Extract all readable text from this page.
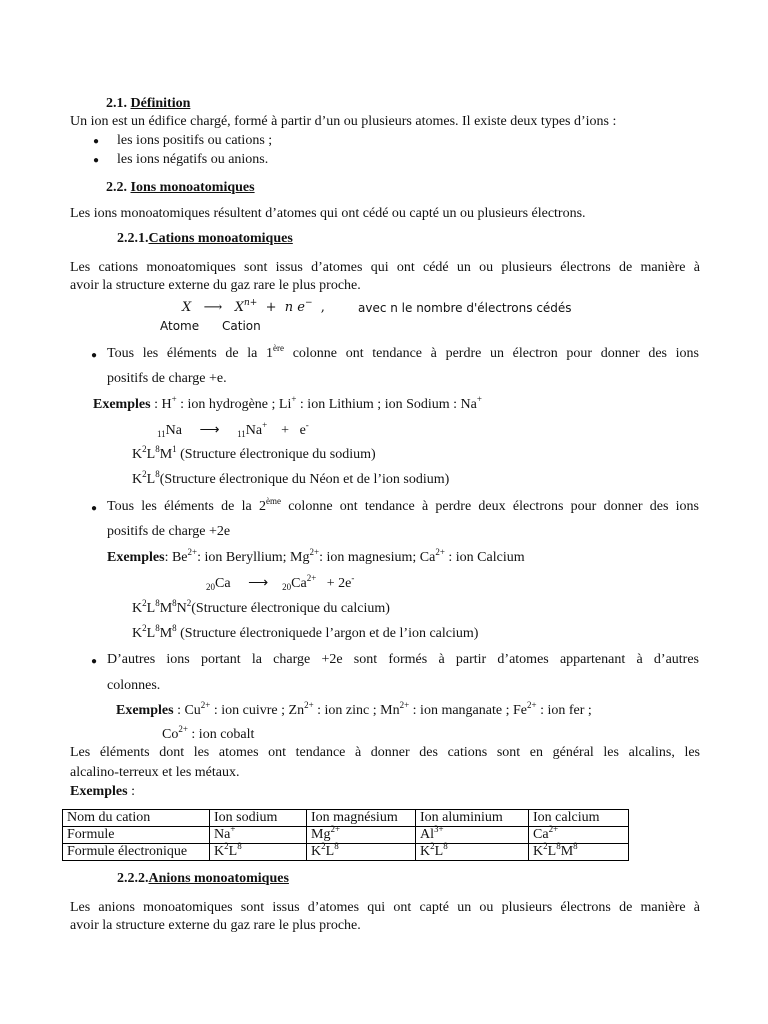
2.1. Définition
Un ion est un édifice chargé, formé à partir d’un ou plusieurs atomes. Il existe deux types d’ions :
● les ions positifs ou cations ;
● les ions négatifs ou anions.
2.2. Ions monoatomiques
Les ions monoatomiques résultent d’atomes qui ont cédé ou capté un ou plusieurs électrons.
2.2.1.Cations monoatomiques
Les cations monoatomiques sont issus d’atomes qui ont cédé un ou plusieurs électrons de manière à
avoir la structure externe du gaz rare le plus proche.
X ⟶ $X^{n+} + n$ e− ,	avec n le nombre d'électrons cédés
Atome Cation
● Tous les éléments de la 1ère colonne ont tendance à perdre un électron pour donner des ions
positifs de charge +e.
Exemples : H+ : ion hydrogène ; Li+ : ion Lithium ; ion Sodium : Na+
$_{11}$Na ⟶ $_{11}$Na+ + e-
$K^2L^8M^1$ (Structure électronique du sodium)
$K^2L^8(Structure$ électronique du Néon et de l’ion sodium)
● Tous les éléments de la 2ème colonne ont tendance à perdre deux électrons pour donner des ions
positifs de charge +2e
Exemples: $Be^{2+}$: ion Beryllium; $Mg^{2+}$: ion magnesium; $Ca^{2+}$ : ion Calcium
$_{20}$Ca ⟶ $_{20}Ca^{2+} + 2e^-$
$K^2L^8M^8N^2(Structure$ électronique du calcium)
$K^2L^8M^8$ (Structure électroniquede l’argon et de l’ion calcium)
● D’autres ions portant la charge +2e sont formés à partir d’atomes appartenant à d’autres
colonnes.
Exemples : $Cu^{2+}$ : ion cuivre ; $Zn^{2+}$ : ion zinc ; $Mn^{2+}$ : ion manganate ; $Fe^{2+}$ : ion fer ;
$Co^{2+}$ : ion cobalt
Les éléments dont les atomes ont tendance à donner des cations sont en général les alcalins, les
alcalino-terreux et les métaux.
Exemples :
Nom du cation	Ion sodium	Ion magnésium	Ion aluminium	Ion calcium
Formule	Na+	$Mg^{2+}$	$Al^{3+}$	$Ca^{2+}$
Formule électronique	$K^2L^8$	$K^2L^8$	$K^2L^8$	$K^2L^8M^8$
2.2.2.Anions monoatomiques
Les anions monoatomiques sont issus d’atomes qui ont capté un ou plusieurs électrons de manière à
avoir la structure externe du gaz rare le plus proche.
